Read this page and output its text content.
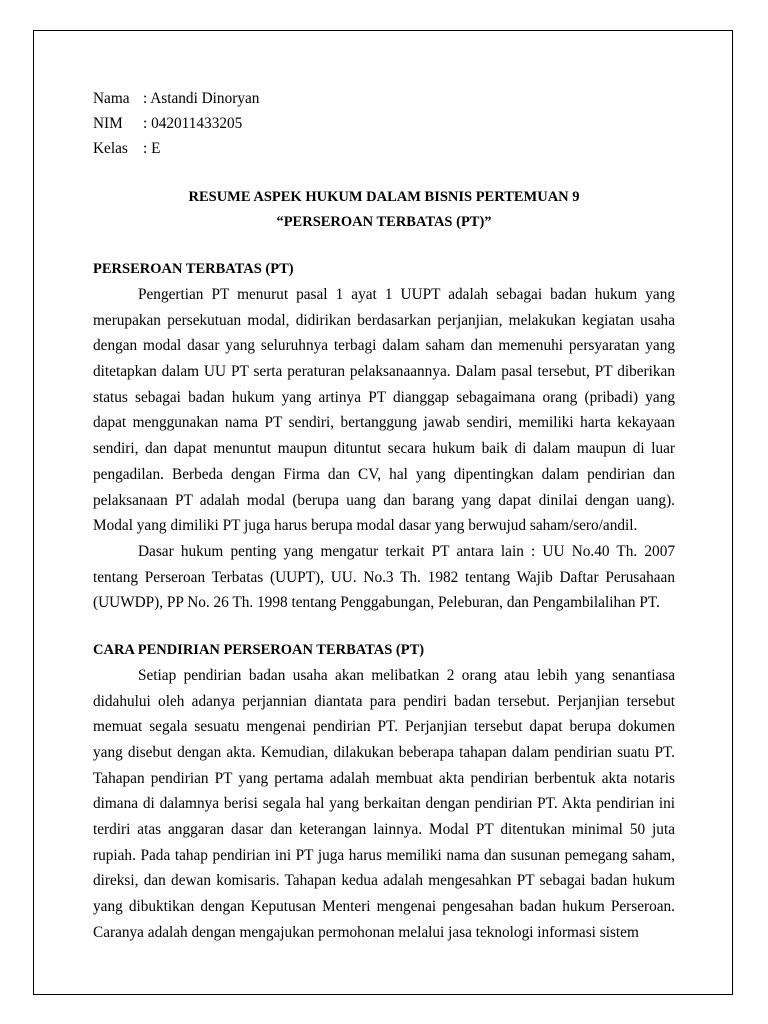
Nama : Astandi Dinoryan
NIM : 042011433205
Kelas : E
RESUME ASPEK HUKUM DALAM BISNIS PERTEMUAN 9
“PERSEROAN TERBATAS (PT)”
PERSEROAN TERBATAS (PT)
Pengertian PT menurut pasal 1 ayat 1 UUPT adalah sebagai badan hukum yang
merupakan persekutuan modal, didirikan berdasarkan perjanjian, melakukan kegiatan usaha
dengan modal dasar yang seluruhnya terbagi dalam saham dan memenuhi persyaratan yang
ditetapkan dalam UU PT serta peraturan pelaksanaannya. Dalam pasal tersebut, PT diberikan
status sebagai badan hukum yang artinya PT dianggap sebagaimana orang (pribadi) yang
dapat menggunakan nama PT sendiri, bertanggung jawab sendiri, memiliki harta kekayaan
sendiri, dan dapat menuntut maupun dituntut secara hukum baik di dalam maupun di luar
pengadilan. Berbeda dengan Firma dan CV, hal yang dipentingkan dalam pendirian dan
pelaksanaan PT adalah modal (berupa uang dan barang yang dapat dinilai dengan uang).
Modal yang dimiliki PT juga harus berupa modal dasar yang berwujud saham/sero/andil.
Dasar hukum penting yang mengatur terkait PT antara lain : UU No.40 Th. 2007
tentang Perseroan Terbatas (UUPT), UU. No.3 Th. 1982 tentang Wajib Daftar Perusahaan
(UUWDP), PP No. 26 Th. 1998 tentang Penggabungan, Peleburan, dan Pengambilalihan PT.
CARA PENDIRIAN PERSEROAN TERBATAS (PT)
Setiap pendirian badan usaha akan melibatkan 2 orang atau lebih yang senantiasa
didahului oleh adanya perjannian diantata para pendiri badan tersebut. Perjanjian tersebut
memuat segala sesuatu mengenai pendirian PT. Perjanjian tersebut dapat berupa dokumen
yang disebut dengan akta. Kemudian, dilakukan beberapa tahapan dalam pendirian suatu PT.
Tahapan pendirian PT yang pertama adalah membuat akta pendirian berbentuk akta notaris
dimana di dalamnya berisi segala hal yang berkaitan dengan pendirian PT. Akta pendirian ini
terdiri atas anggaran dasar dan keterangan lainnya. Modal PT ditentukan minimal 50 juta
rupiah. Pada tahap pendirian ini PT juga harus memiliki nama dan susunan pemegang saham,
direksi, dan dewan komisaris. Tahapan kedua adalah mengesahkan PT sebagai badan hukum
yang dibuktikan dengan Keputusan Menteri mengenai pengesahan badan hukum Perseroan.
Caranya adalah dengan mengajukan permohonan melalui jasa teknologi informasi sistem
